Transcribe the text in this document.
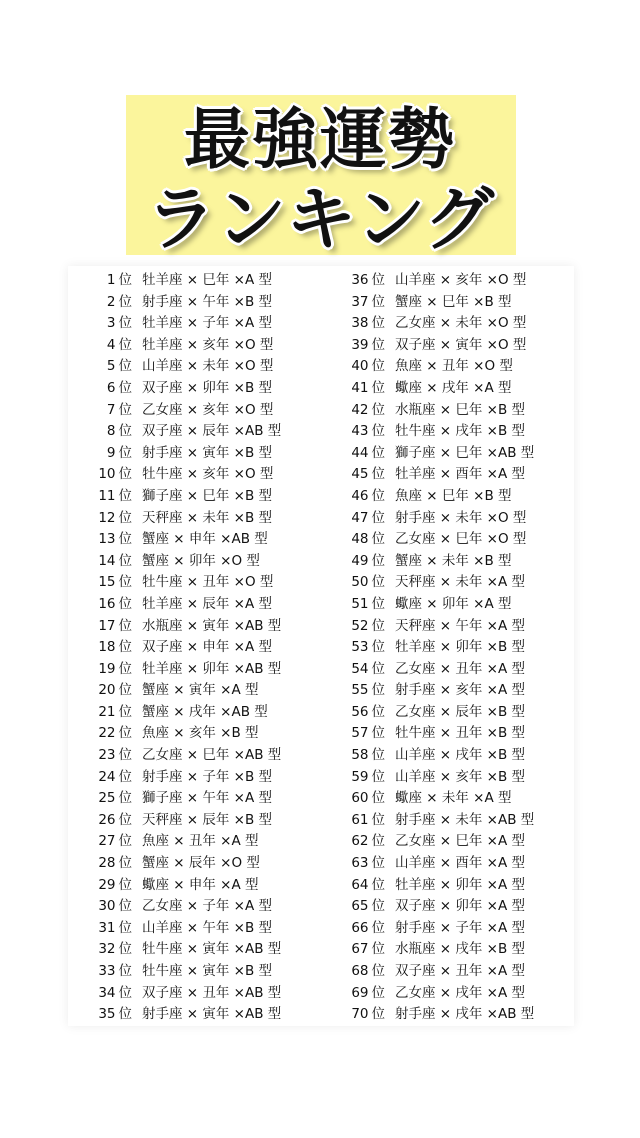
最強運勢
ランキング
1 位 牡羊座 × 巳年 ×A 型
2 位 射手座 × 午年 ×B 型
3 位 牡羊座 × 子年 ×A 型
4 位 牡羊座 × 亥年 ×O 型
5 位 山羊座 × 未年 ×O 型
6 位 双子座 × 卯年 ×B 型
7 位 乙女座 × 亥年 ×O 型
8 位 双子座 × 辰年 ×AB 型
9 位 射手座 × 寅年 ×B 型
10 位 牡牛座 × 亥年 ×O 型
11 位 獅子座 × 巳年 ×B 型
12 位 天秤座 × 未年 ×B 型
13 位 蟹座 × 申年 ×AB 型
14 位 蟹座 × 卯年 ×O 型
15 位 牡牛座 × 丑年 ×O 型
16 位 牡羊座 × 辰年 ×A 型
17 位 水瓶座 × 寅年 ×AB 型
18 位 双子座 × 申年 ×A 型
19 位 牡羊座 × 卯年 ×AB 型
20 位 蟹座 × 寅年 ×A 型
21 位 蟹座 × 戌年 ×AB 型
22 位 魚座 × 亥年 ×B 型
23 位 乙女座 × 巳年 ×AB 型
24 位 射手座 × 子年 ×B 型
25 位 獅子座 × 午年 ×A 型
26 位 天秤座 × 辰年 ×B 型
27 位 魚座 × 丑年 ×A 型
28 位 蟹座 × 辰年 ×O 型
29 位 蠍座 × 申年 ×A 型
30 位 乙女座 × 子年 ×A 型
31 位 山羊座 × 午年 ×B 型
32 位 牡牛座 × 寅年 ×AB 型
33 位 牡牛座 × 寅年 ×B 型
34 位 双子座 × 丑年 ×AB 型
35 位 射手座 × 寅年 ×AB 型
36 位 山羊座 × 亥年 ×O 型
37 位 蟹座 × 巳年 ×B 型
38 位 乙女座 × 未年 ×O 型
39 位 双子座 × 寅年 ×O 型
40 位 魚座 × 丑年 ×O 型
41 位 蠍座 × 戌年 ×A 型
42 位 水瓶座 × 巳年 ×B 型
43 位 牡牛座 × 戌年 ×B 型
44 位 獅子座 × 巳年 ×AB 型
45 位 牡羊座 × 酉年 ×A 型
46 位 魚座 × 巳年 ×B 型
47 位 射手座 × 未年 ×O 型
48 位 乙女座 × 巳年 ×O 型
49 位 蟹座 × 未年 ×B 型
50 位 天秤座 × 未年 ×A 型
51 位 蠍座 × 卯年 ×A 型
52 位 天秤座 × 午年 ×A 型
53 位 牡羊座 × 卯年 ×B 型
54 位 乙女座 × 丑年 ×A 型
55 位 射手座 × 亥年 ×A 型
56 位 乙女座 × 辰年 ×B 型
57 位 牡牛座 × 丑年 ×B 型
58 位 山羊座 × 戌年 ×B 型
59 位 山羊座 × 亥年 ×B 型
60 位 蠍座 × 未年 ×A 型
61 位 射手座 × 未年 ×AB 型
62 位 乙女座 × 巳年 ×A 型
63 位 山羊座 × 酉年 ×A 型
64 位 牡羊座 × 卯年 ×A 型
65 位 双子座 × 卯年 ×A 型
66 位 射手座 × 子年 ×A 型
67 位 水瓶座 × 戌年 ×B 型
68 位 双子座 × 丑年 ×A 型
69 位 乙女座 × 戌年 ×A 型
70 位 射手座 × 戌年 ×AB 型
